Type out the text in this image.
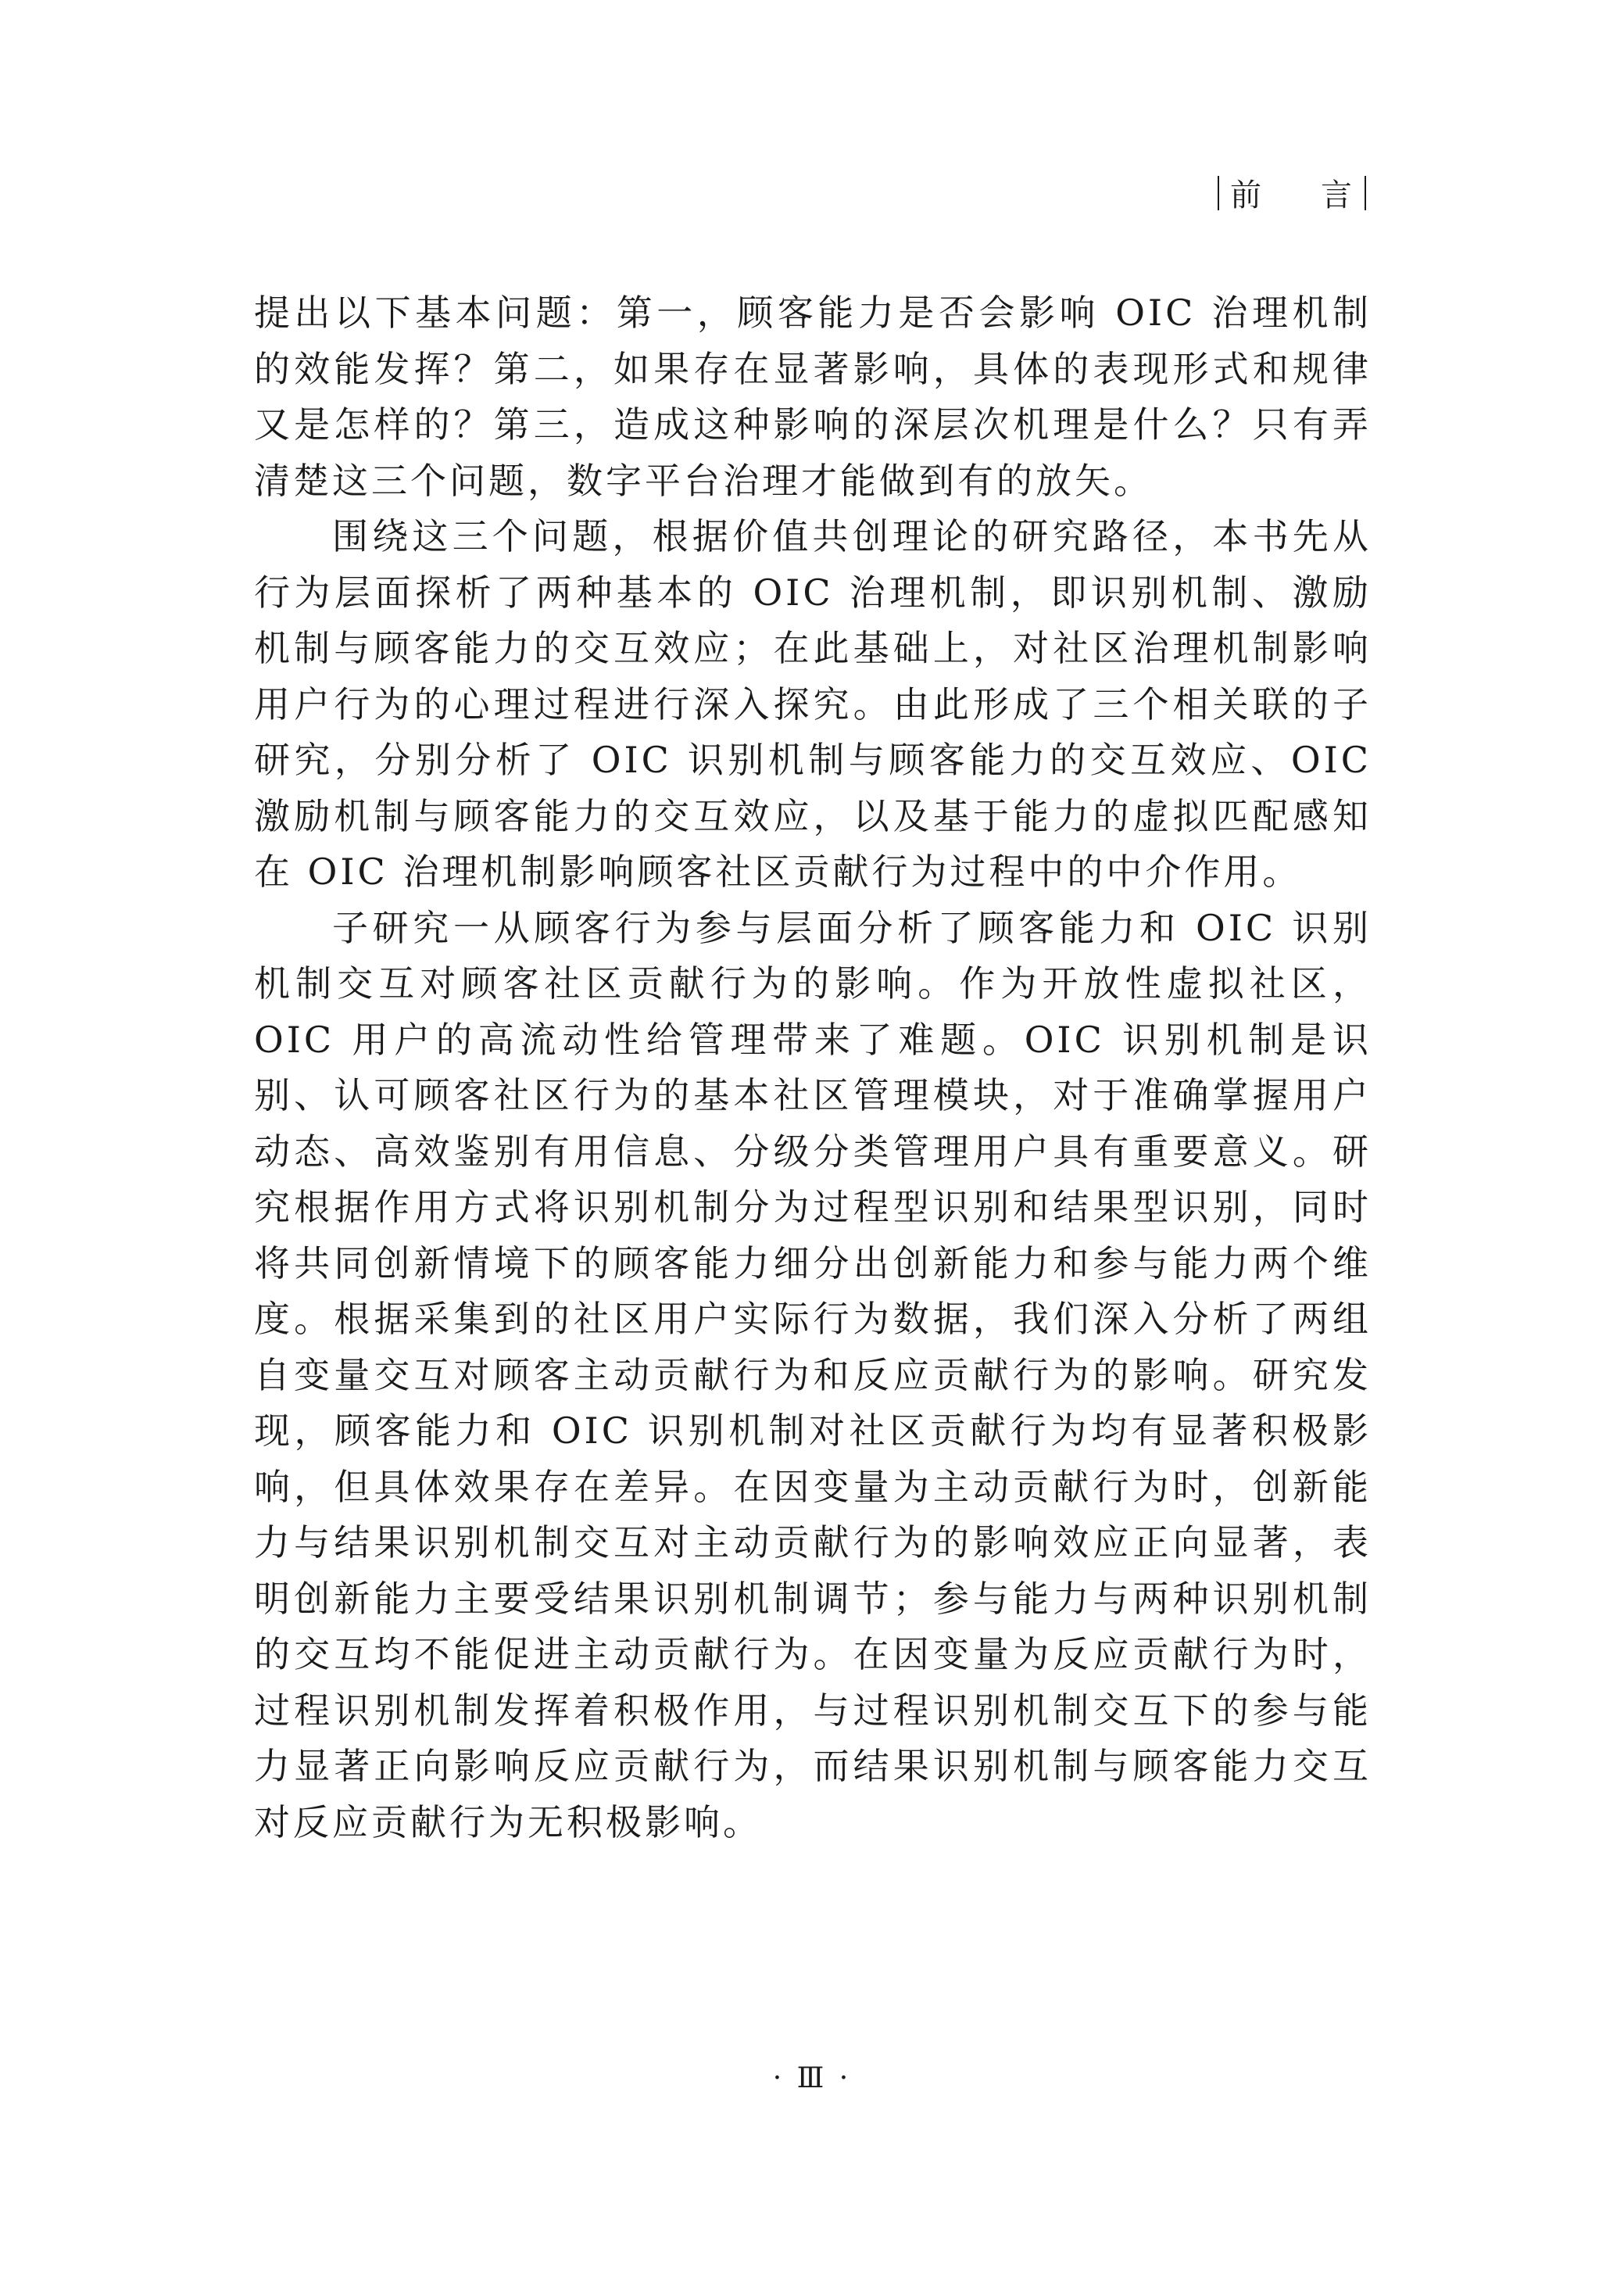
前 言

提出以下基本问题：第一，顾客能力是否会影响 OIC 治理机制的效能发挥？第二，如果存在显著影响，具体的表现形式和规律又是怎样的？第三，造成这种影响的深层次机理是什么？只有弄清楚这三个问题，数字平台治理才能做到有的放矢。

围绕这三个问题，根据价值共创理论的研究路径，本书先从行为层面探析了两种基本的 OIC 治理机制，即识别机制、激励机制与顾客能力的交互效应；在此基础上，对社区治理机制影响用户行为的心理过程进行深入探究。由此形成了三个相关联的子研究，分别分析了 OIC 识别机制与顾客能力的交互效应、OIC 激励机制与顾客能力的交互效应，以及基于能力的虚拟匹配感知在 OIC 治理机制影响顾客社区贡献行为过程中的中介作用。

子研究一从顾客行为参与层面分析了顾客能力和 OIC 识别机制交互对顾客社区贡献行为的影响。作为开放性虚拟社区，OIC 用户的高流动性给管理带来了难题。OIC 识别机制是识别、认可顾客社区行为的基本社区管理模块，对于准确掌握用户动态、高效鉴别有用信息、分级分类管理用户具有重要意义。研究根据作用方式将识别机制分为过程型识别和结果型识别，同时将共同创新情境下的顾客能力细分出创新能力和参与能力两个维度。根据采集到的社区用户实际行为数据，我们深入分析了两组自变量交互对顾客主动贡献行为和反应贡献行为的影响。研究发现，顾客能力和 OIC 识别机制对社区贡献行为均有显著积极影响，但具体效果存在差异。在因变量为主动贡献行为时，创新能力与结果识别机制交互对主动贡献行为的影响效应正向显著，表明创新能力主要受结果识别机制调节；参与能力与两种识别机制的交互均不能促进主动贡献行为。在因变量为反应贡献行为时，过程识别机制发挥着积极作用，与过程识别机制交互下的参与能力显著正向影响反应贡献行为，而结果识别机制与顾客能力交互对反应贡献行为无积极影响。

· Ⅲ ·
